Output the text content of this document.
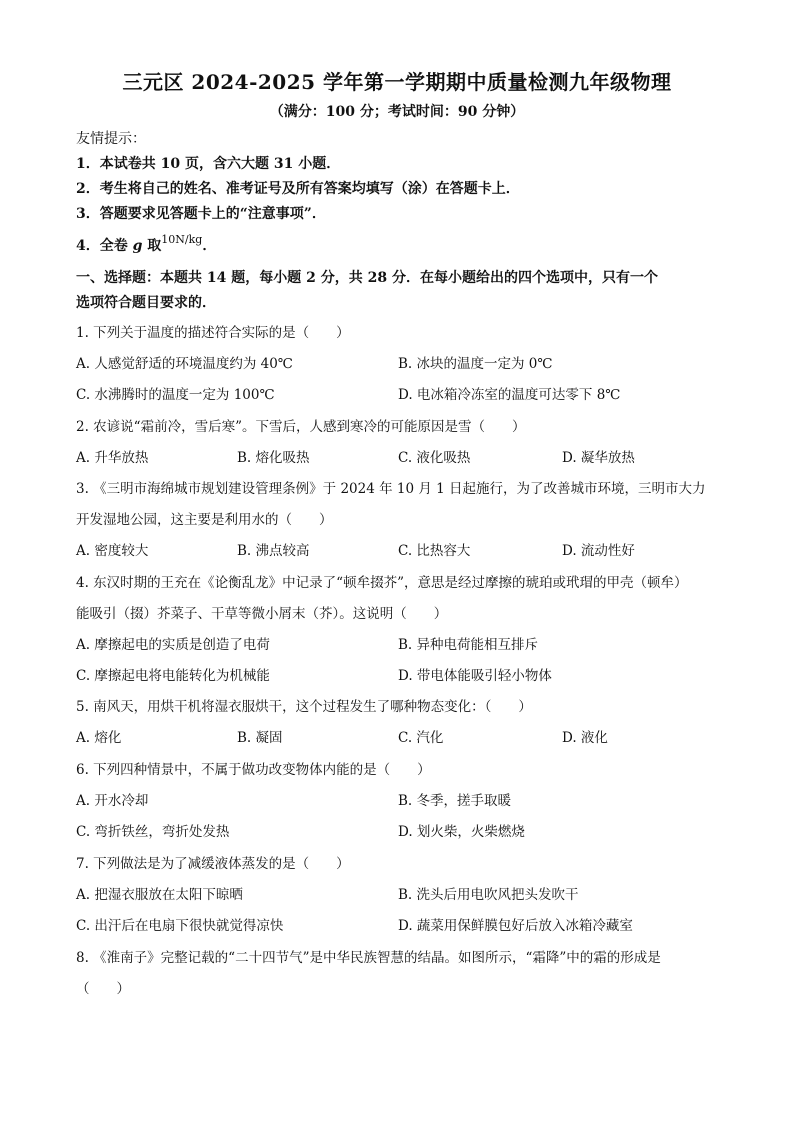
三元区 2024-2025 学年第一学期期中质量检测九年级物理
（满分：100 分；考试时间：90 分钟）
友情提示：
1．本试卷共 10 页，含六大题 31 小题．
2．考生将自己的姓名、准考证号及所有答案均填写（涂）在答题卡上．
3．答题要求见答题卡上的“注意事项”．
4．全卷 g 取$^{10N/kg}$．
一、选择题：本题共 14 题，每小题 2 分，共 28 分．在每小题给出的四个选项中，只有一个
选项符合题目要求的．
1. 下列关于温度的描述符合实际的是（　　）
A. 人感觉舒适的环境温度约为 40℃	B. 冰块的温度一定为 0℃
C. 水沸腾时的温度一定为 100℃	D. 电冰箱冷冻室的温度可达零下 8℃
2. 农谚说“霜前冷，雪后寒”。下雪后，人感到寒冷的可能原因是雪（　　）
A. 升华放热	B. 熔化吸热	C. 液化吸热	D. 凝华放热
3. 《三明市海绵城市规划建设管理条例》于 2024 年 10 月 1 日起施行，为了改善城市环境，三明市大力
开发湿地公园，这主要是利用水的（　　）
A. 密度较大	B. 沸点较高	C. 比热容大	D. 流动性好
4. 东汉时期的王充在《论衡乱龙》中记录了“顿牟掇芥”，意思是经过摩擦的琥珀或玳瑁的甲壳（顿牟）
能吸引（掇）芥菜子、干草等微小屑末（芥）。这说明（　　）
A. 摩擦起电的实质是创造了电荷	B. 异种电荷能相互排斥
C. 摩擦起电将电能转化为机械能	D. 带电体能吸引轻小物体
5. 南风天，用烘干机将湿衣服烘干，这个过程发生了哪种物态变化：（　　）
A. 熔化	B. 凝固	C. 汽化	D. 液化
6. 下列四种情景中，不属于做功改变物体内能的是（　　）
A. 开水冷却	B. 冬季，搓手取暖
C. 弯折铁丝，弯折处发热	D. 划火柴，火柴燃烧
7. 下列做法是为了减缓液体蒸发的是（　　）
A. 把湿衣服放在太阳下晾晒	B. 洗头后用电吹风把头发吹干
C. 出汗后在电扇下很快就觉得凉快	D. 蔬菜用保鲜膜包好后放入冰箱冷藏室
8. 《淮南子》完整记载的“二十四节气”是中华民族智慧的结晶。如图所示，“霜降”中的霜的形成是
（　　）
